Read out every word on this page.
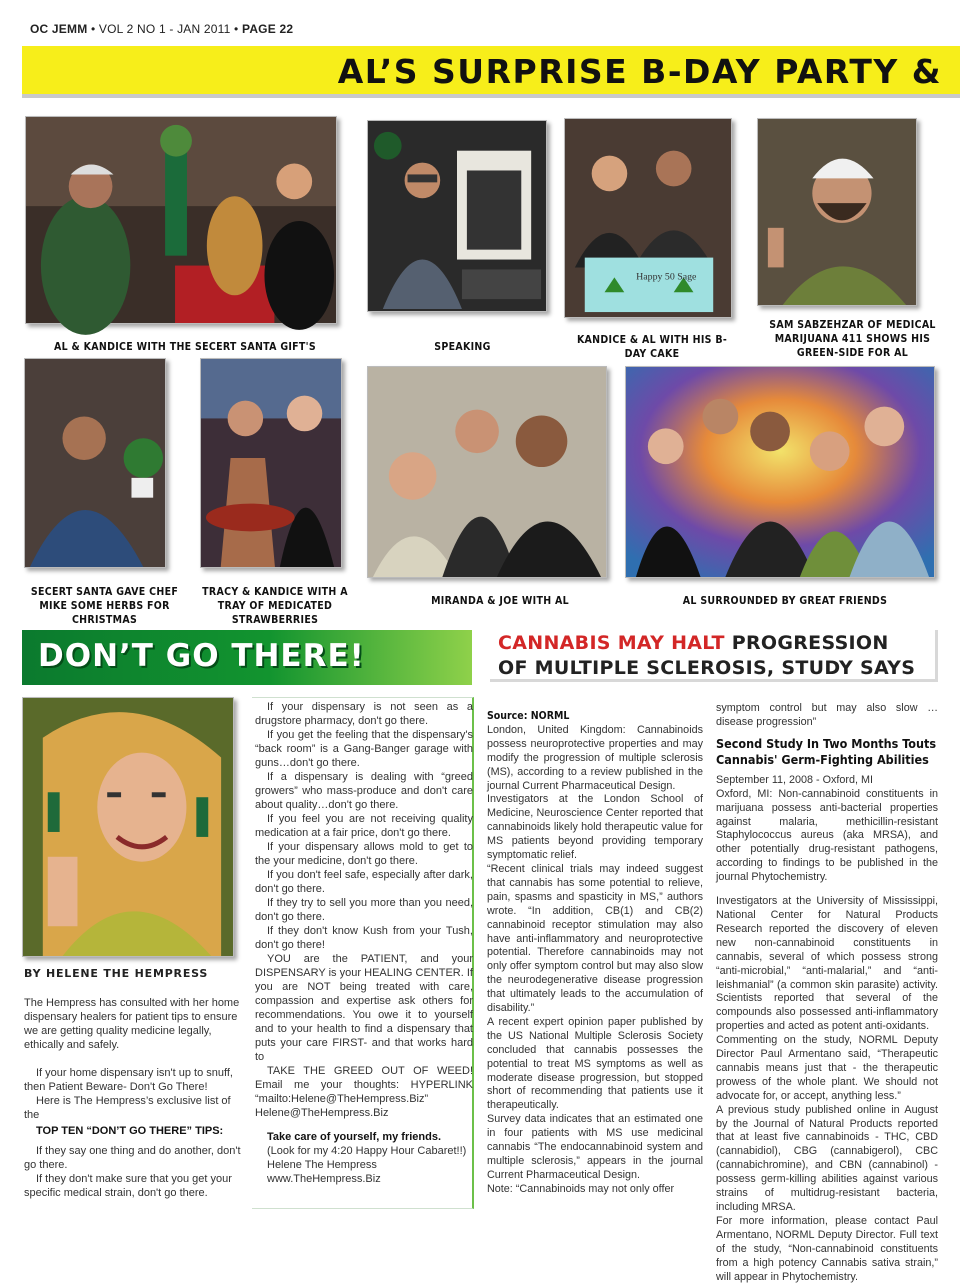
OC JEMM • VOL 2 NO 1 - JAN 2011 • PAGE 22
AL’S SURPRISE B-DAY PARTY &
AL & KANDICE WITH THE SECERT SANTA GIFT'S	SPEAKING
Happy 50 Sage
KANDICE & AL WITH HIS B-DAY CAKE
SAM SABZEHZAR OF MEDICAL MARIJUANA 411 SHOWS HIS GREEN-SIDE FOR AL
SECERT SANTA GAVE CHEF MIKE SOME HERBS FOR CHRISTMAS
TRACY & KANDICE WITH A TRAY OF MEDICATED STRAWBERRIES
MIRANDA & JOE WITH AL	AL SURROUNDED BY GREAT FRIENDS
DON’T GO THERE!
BY HELENE THE HEMPRESS

The Hempress has consulted with her home dispensary healers for patient tips to ensure we are getting quality medicine legally, ethically and safely.

If your home dispensary isn't up to snuff, then Patient Beware- Don't Go There!

Here is The Hempress’s exclusive list of the

TOP TEN “DON’T GO THERE” TIPS:

If they say one thing and do another, don't go there.

If they don't make sure that you get your specific medical strain, don't go there.

If your dispensary is not seen as a drugstore pharmacy, don't go there.

If you get the feeling that the dispensary's “back room” is a Gang-Banger garage with guns…don't go there.

If a dispensary is dealing with “greed growers” who mass-produce and don't care about quality…don't go there.

If you feel you are not receiving quality medication at a fair price, don't go there.

If your dispensary allows mold to get to the your medicine, don't go there.

If you don't feel safe, especially after dark, don't go there.

If they try to sell you more than you need, don't go there.

If they don't know Kush from your Tush, don't go there!

YOU are the PATIENT, and your DISPENSARY is your HEALING CENTER. If you are NOT being treated with care, compassion and expertise ask others for recommendations. You owe it to yourself and to your health to find a dispensary that puts your care FIRST- and that works hard to

TAKE THE GREED OUT OF WEED! Email me your thoughts: HYPERLINK “mailto:Helene@TheHempress.Biz” Helene@TheHempress.Biz

Take care of yourself, my friends.

(Look for my 4:20 Happy Hour Cabaret!!)

Helene The Hempress

www.TheHempress.Biz

CANNABIS MAY HALT PROGRESSION
OF MULTIPLE SCLEROSIS, STUDY SAYS

Source: NORML

London, United Kingdom: Cannabinoids possess neuroprotective properties and may modify the progression of multiple sclerosis (MS), according to a review published in the journal Current Pharmaceutical Design.

Investigators at the London School of Medicine, Neuroscience Center reported that cannabinoids likely hold therapeutic value for MS patients beyond providing temporary symptomatic relief.

“Recent clinical trials may indeed suggest that cannabis has some potential to relieve, pain, spasms and spasticity in MS,” authors wrote. “In addition, CB(1) and CB(2) cannabinoid receptor stimulation may also have anti-inflammatory and neuroprotective potential. Therefore cannabinoids may not only offer symptom control but may also slow the neurodegenerative disease progression that ultimately leads to the accumulation of disability.”

A recent expert opinion paper published by the US National Multiple Sclerosis Society concluded that cannabis possesses the potential to treat MS symptoms as well as moderate disease progression, but stopped short of recommending that patients use it therapeutically.

Survey data indicates that an estimated one in four patients with MS use medicinal cannabis “The endocannabinoid system and multiple sclerosis,” appears in the journal Current Pharmaceutical Design.

Note: “Cannabinoids may not only offer

symptom control but may also slow … disease progression”

Second Study In Two Months Touts Cannabis' Germ-Fighting Abilities

September 11, 2008 - Oxford, MI

Oxford, MI: Non-cannabinoid constituents in marijuana possess anti-bacterial properties against malaria, methicillin-resistant Staphylococcus aureus (aka MRSA), and other potentially drug-resistant pathogens, according to findings to be published in the journal Phytochemistry.

Investigators at the University of Mississippi, National Center for Natural Products Research reported the discovery of eleven new non-cannabinoid constituents in cannabis, several of which possess strong “anti-microbial,” “anti-malarial,” and “anti-leishmanial” (a common skin parasite) activity. Scientists reported that several of the compounds also possessed anti-inflammatory properties and acted as potent anti-oxidants.

Commenting on the study, NORML Deputy Director Paul Armentano said, “Therapeutic cannabis means just that - the therapeutic prowess of the whole plant. We should not advocate for, or accept, anything less.”

A previous study published online in August by the Journal of Natural Products reported that at least five cannabinoids - THC, CBD (cannabidiol), CBG (cannabigerol), CBC (cannabichromine), and CBN (cannabinol) - possess germ-killing abilities against various strains of multidrug-resistant bacteria, including MRSA.

For more information, please contact Paul Armentano, NORML Deputy Director. Full text of the study, “Non-cannabinoid constituents from a high potency Cannabis sativa strain,” will appear in Phytochemistry.
